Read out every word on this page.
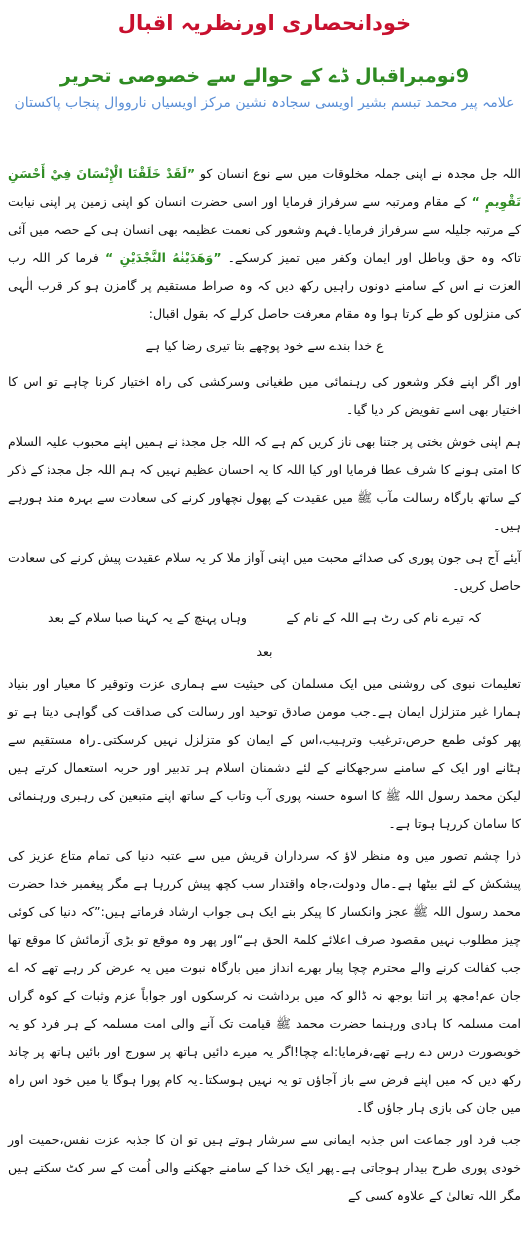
خودانحصاری اورنظریہ اقبال
9نومبراقبال ڈے کے حوالے سے خصوصی تحریر
علامہ پیر محمد تبسم بشیر اویسی سجادہ نشین مرکز اویسیاں نارووال پنجاب پاکستان

اللہ جل مجدہ نے اپنی جملہ مخلوقات میں سے نوع انسان کو ”لَقَدْ خَلَقْنَا الْإِنْسَانَ فِيْ أَحْسَنِ تَقْوِيمٍ “ کے مقام ومرتبہ سے سرفراز فرمایا اور اسی حضرت انسان کو اپنی زمین پر اپنی نیابت کے مرتبہ جلیلہ سے سرفراز فرمایا۔فہم وشعور کی نعمت عظیمہ بھی انسان ہی کے حصہ میں آئی تاکہ وہ حق وباطل اور ایمان وکفر میں تمیز کرسکے۔ ”وَهَدَيْنٰهُ النَّجْدَيْنِ “ فرما کر اللہ رب العزت نے اس کے سامنے دونوں راہیں رکھ دیں کہ وہ صراط مستقیم پر گامزن ہو کر قرب الٰہی کی منزلوں کو طے کرتا ہوا وہ مقام معرفت حاصل کرلے کہ بقول اقبال:

ع خدا بندے سے خود پوچھے بتا تیری رضا کیا ہے

اور اگر اپنے فکر وشعور کی رہنمائی میں طغیانی وسرکشی کی راہ اختیار کرنا چاہے تو اس کا اختیار بھی اسے تفویض کر دیا گیا۔

ہم اپنی خوش بختی پر جتنا بھی ناز کریں کم ہے کہ اللہ جل مجدہٗ نے ہمیں اپنے محبوب علیہ السلام کا امتی ہونے کا شرف عطا فرمایا اور کیا اللہ کا یہ احسان عظیم نہیں کہ ہم اللہ جل مجدہٗ کے ذکر کے ساتھ بارگاہ رسالت مآب ﷺ میں عقیدت کے پھول نچھاور کرنے کی سعادت سے بہرہ مند ہورہے ہیں۔

آیئے آج ہی جون پوری کی صدائے محبت میں اپنی آواز ملا کر یہ سلام عقیدت پیش کرنے کی سعادت حاصل کریں۔

کہ تیرے نام کی رٹ ہے اللہ کے نام کے
وہاں پہنچ کے یہ کہنا صبا سلام کے بعد

بعد

تعلیمات نبوی کی روشنی میں ایک مسلمان کی حیثیت سے ہماری عزت وتوقیر کا معیار اور بنیاد ہمارا غیر متزلزل ایمان ہے۔جب مومن صادق توحید اور رسالت کی صداقت کی گواہی دیتا ہے تو پھر کوئی طمع حرص،ترغیب وترہیب،اس کے ایمان کو متزلزل نہیں کرسکتی۔راہ مستقیم سے ہٹانے اور ایک کے سامنے سرجھکانے کے لئے دشمنان اسلام ہر تدبیر اور حربہ استعمال کرتے ہیں لیکن محمد رسول اللہ ﷺ کا اسوہ حسنہ پوری آب وتاب کے ساتھ اپنے متبعین کی رہبری ورہنمائی کا سامان کررہا ہوتا ہے۔

ذرا چشم تصور میں وہ منظر لاؤ کہ سرداران قریش میں سے عتبہ دنیا کی تمام متاع عزیز کی پیشکش کے لئے بیٹھا ہے۔مال ودولت،جاہ واقتدار سب کچھ پیش کررہا ہے مگر پیغمبر خدا حضرت محمد رسول اللہ ﷺ عجز وانکسار کا پیکر بنے ایک ہی جواب ارشاد فرماتے ہیں:”کہ دنیا کی کوئی چیز مطلوب نہیں مقصود صرف اعلائے کلمۃ الحق ہے“اور پھر وہ موقع تو بڑی آزمائش کا موقع تھا جب کفالت کرنے والے محترم چچا پیار بھرے انداز میں بارگاہ نبوت میں یہ عرض کر رہے تھے کہ اے جان عم!مجھ پر اتنا بوجھ نہ ڈالو کہ میں برداشت نہ کرسکوں اور جواباً عزم وثبات کے کوہ گراں امت مسلمہ کا ہادی ورہنما حضرت محمد ﷺ قیامت تک آنے والی امت مسلمہ کے ہر فرد کو یہ خوبصورت درس دے رہے تھے،فرمایا:اے چچا!اگر یہ میرے دائیں ہاتھ پر سورج اور بائیں ہاتھ پر چاند رکھ دیں کہ میں اپنے فرض سے باز آجاؤں تو یہ نہیں ہوسکتا۔یہ کام پورا ہوگا یا میں خود اس راہ میں جان کی بازی ہار جاؤں گا۔

جب فرد اور جماعت اس جذبہ ایمانی سے سرشار ہوتے ہیں تو ان کا جذبہ عزت نفس،حمیت اور خودی پوری طرح بیدار ہوجاتی ہے۔پھر ایک خدا کے سامنے جھکنے والی اُمت کے سر کٹ سکتے ہیں مگر اللہ تعالیٰ کے علاوہ کسی کے
